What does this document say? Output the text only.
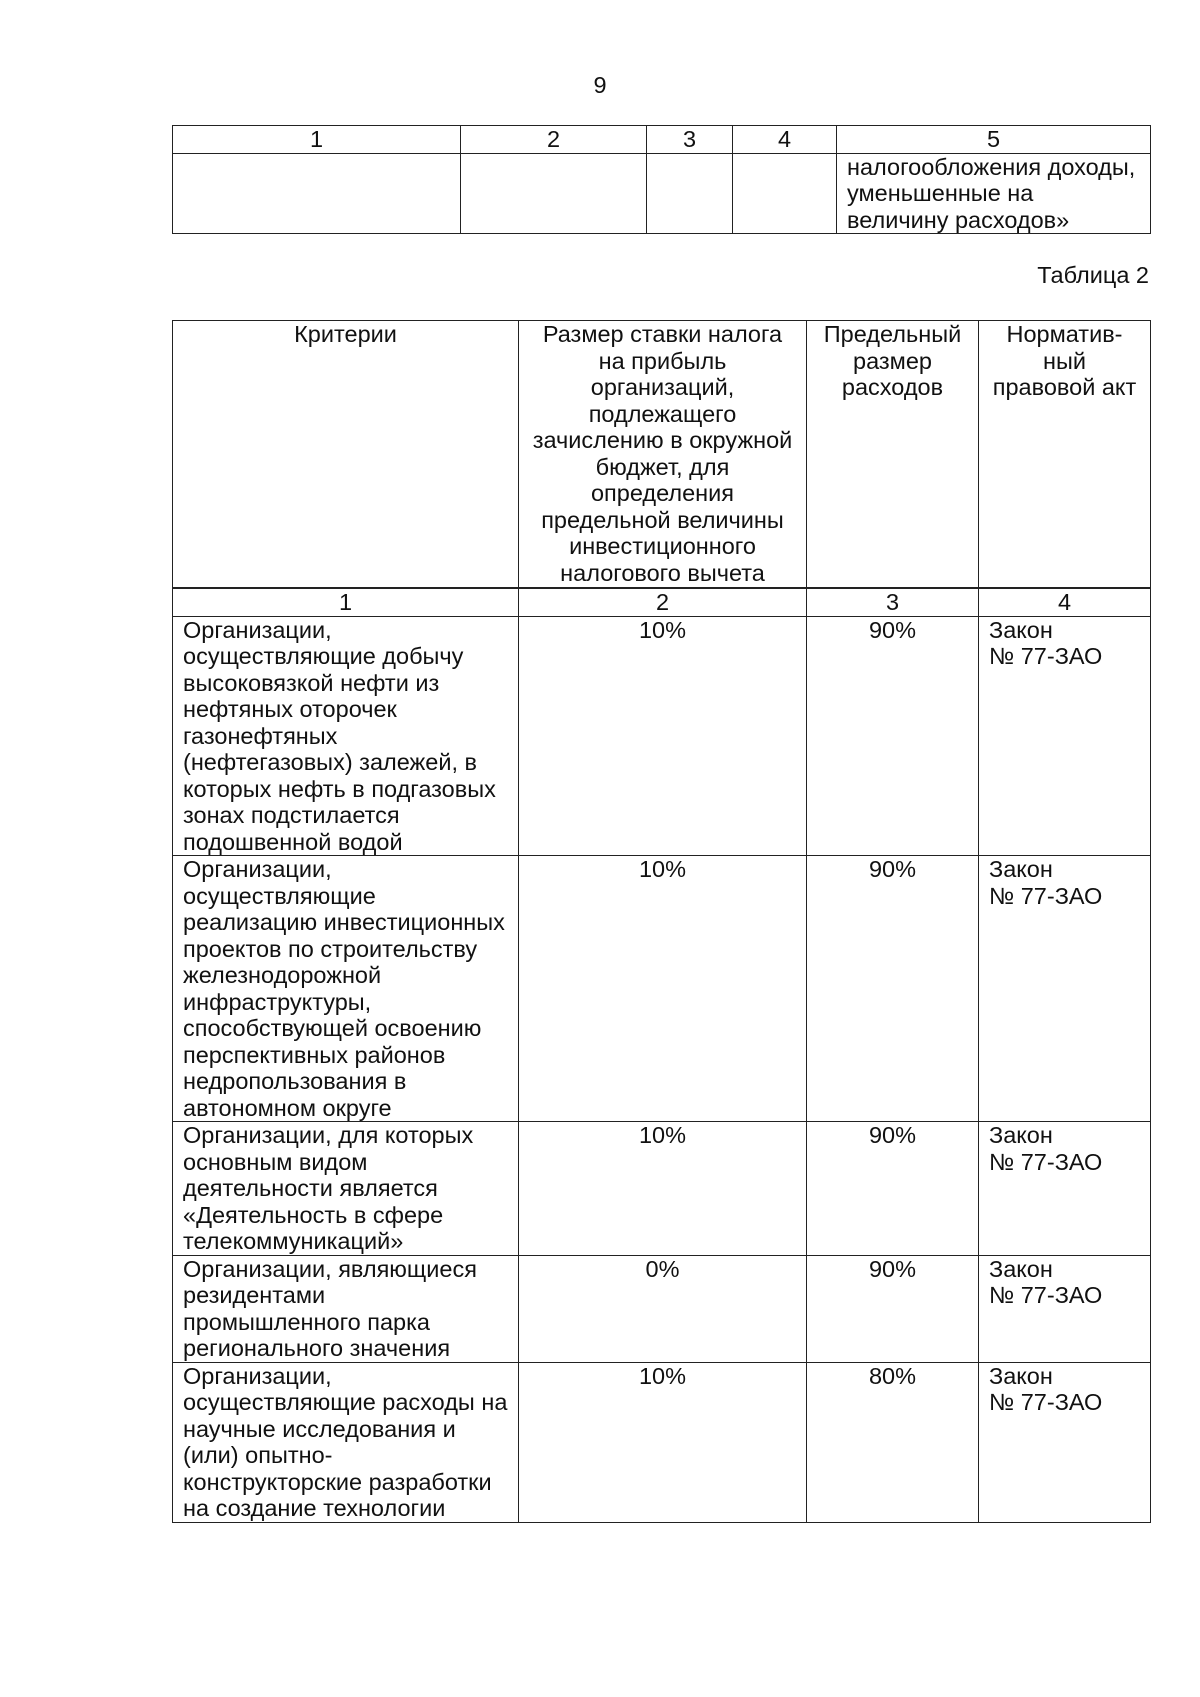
9
1	2	3	4	5
				налогообложения доходы, уменьшенные на величину расходов»
Таблица 2
Критерии	Размер ставки налога на прибыль организаций, подлежащего зачислению в окружной бюджет, для определения предельной величины инвестиционного налогового вычета	Предельный размер расходов	Норматив-ный правовой акт
1	2	3	4
Организации, осуществляющие добычу высоковязкой нефти из нефтяных оторочек газонефтяных (нефтегазовых) залежей, в которых нефть в подгазовых зонах подстилается подошвенной водой	10%	90%	Закон
№ 77-ЗАО

Организации, осуществляющие реализацию инвестиционных проектов по строительству железнодорожной инфраструктуры, способствующей освоению перспективных районов недропользования в автономном округе	10%	90%	Закон
№ 77-ЗАО

Организации, для которых основным видом деятельности является «Деятельность в сфере телекоммуникаций»	10%	90%	Закон
№ 77-ЗАО

Организации, являющиеся резидентами промышленного парка регионального значения	0%	90%	Закон
№ 77-ЗАО

Организации, осуществляющие расходы на научные исследования и (или) опытно-конструкторские разработки на создание технологии	10%	80%	Закон
№ 77-ЗАО
